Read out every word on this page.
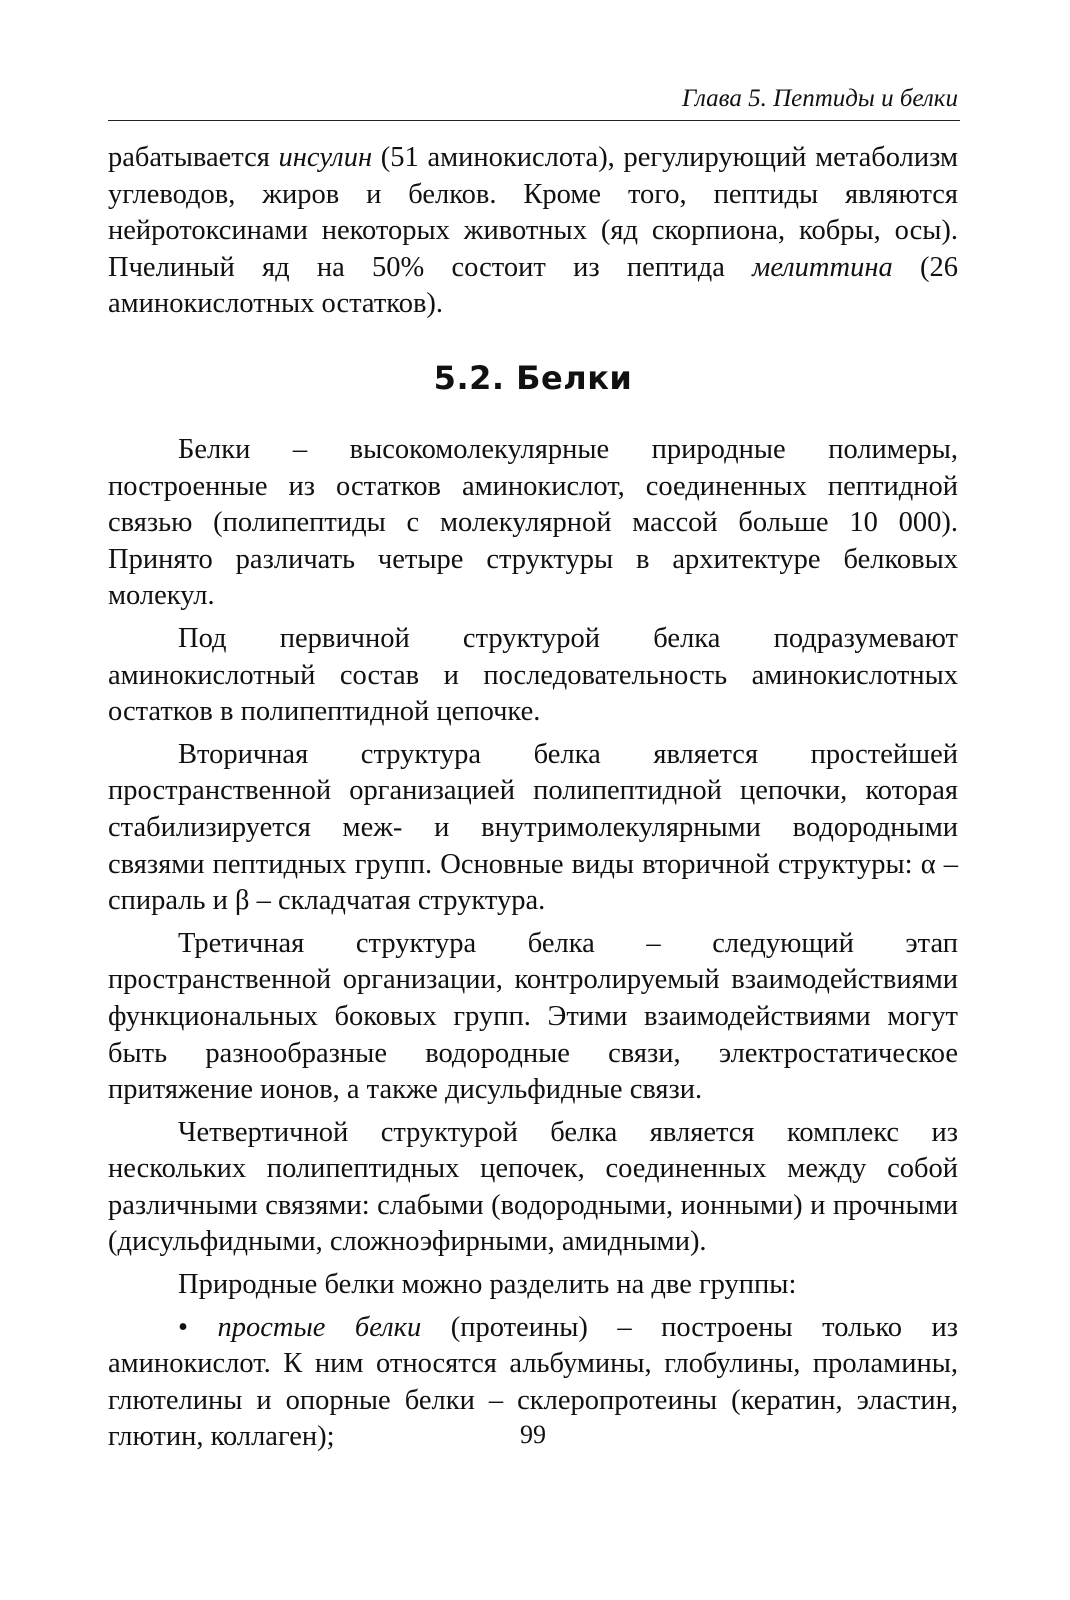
Глава 5. Пептиды и белки

рабатывается инсулин (51 аминокислота), регулирующий метаболизм углеводов, жиров и белков. Кроме того, пептиды являются нейротоксинами некоторых животных (яд скорпиона, кобры, осы). Пчелиный яд на 50% состоит из пептида мелиттина (26 аминокислотных остатков).

5.2. Белки

Белки – высокомолекулярные природные полимеры, построенные из остатков аминокислот, соединенных пептидной связью (полипептиды с молекулярной массой больше 10 000). Принято различать четыре структуры в архитектуре белковых молекул.

Под первичной структурой белка подразумевают аминокислотный состав и последовательность аминокислотных остатков в полипептидной цепочке.

Вторичная структура белка является простейшей пространственной организацией полипептидной цепочки, которая стабилизируется меж- и внутримолекулярными водородными связями пептидных групп. Основные виды вторичной структуры: α – спираль и β – складчатая структура.

Третичная структура белка – следующий этап пространственной организации, контролируемый взаимодействиями функциональных боковых групп. Этими взаимодействиями могут быть разнообразные водородные связи, электростатическое притяжение ионов, а также дисульфидные связи.

Четвертичной структурой белка является комплекс из нескольких полипептидных цепочек, соединенных между собой различными связями: слабыми (водородными, ионными) и прочными (дисульфидными, сложноэфирными, амидными).

Природные белки можно разделить на две группы:

• простые белки (протеины) – построены только из аминокислот. К ним относятся альбумины, глобулины, проламины, глютелины и опорные белки – склеропротеины (кератин, эластин, глютин, коллаген);	99
